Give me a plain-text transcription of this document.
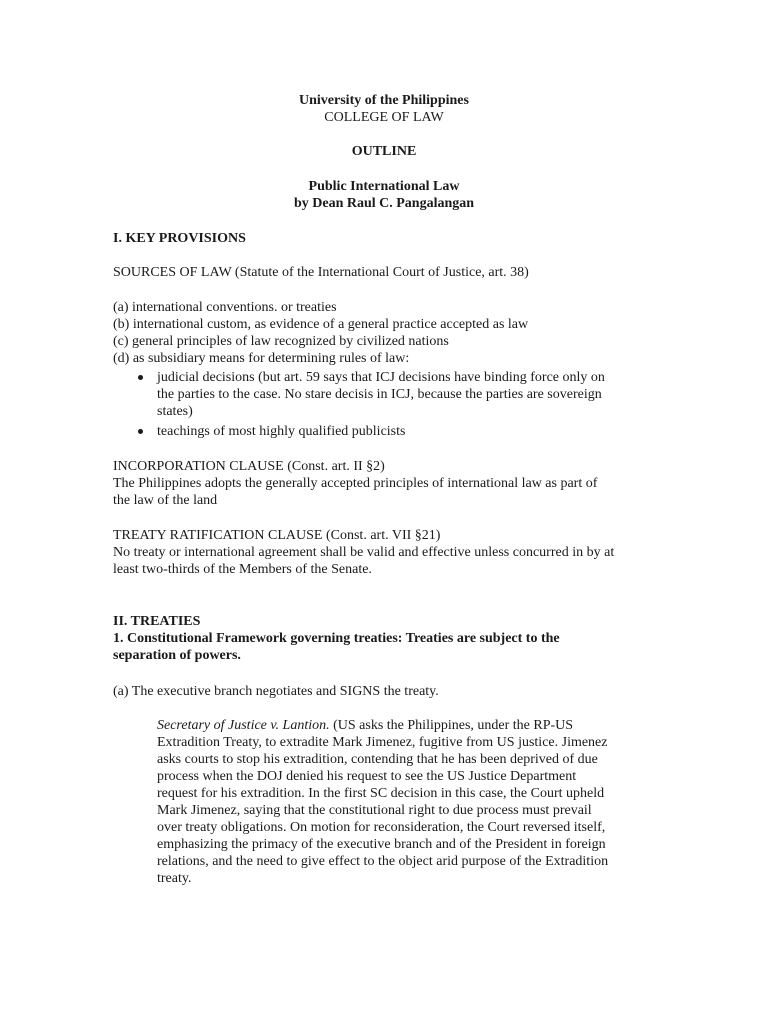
University of the Philippines
COLLEGE OF LAW
OUTLINE
Public International Law
by Dean Raul C. Pangalangan
I. KEY PROVISIONS
SOURCES OF LAW (Statute of the International Court of Justice, art. 38)
(a) international conventions. or treaties
(b) international custom, as evidence of a general practice accepted as law
(c) general principles of law recognized by civilized nations
(d) as subsidiary means for determining rules of law:
judicial decisions (but art. 59 says that ICJ decisions have binding force only on
the parties to the case. No stare decisis in ICJ, because the parties are sovereign
states)
teachings of most highly qualified publicists
INCORPORATION CLAUSE (Const. art. II §2)
The Philippines adopts the generally accepted principles of international law as part of
the law of the land
TREATY RATIFICATION CLAUSE (Const. art. VII §21)
No treaty or international agreement shall be valid and effective unless concurred in by at
least two-thirds of the Members of the Senate.
II. TREATIES
1. Constitutional Framework governing treaties: Treaties are subject to the
separation of powers.
(a) The executive branch negotiates and SIGNS the treaty.
Secretary of Justice v. Lantion. (US asks the Philippines, under the RP-US
Extradition Treaty, to extradite Mark Jimenez, fugitive from US justice. Jimenez
asks courts to stop his extradition, contending that he has been deprived of due
process when the DOJ denied his request to see the US Justice Department
request for his extradition. In the first SC decision in this case, the Court upheld
Mark Jimenez, saying that the constitutional right to due process must prevail
over treaty obligations. On motion for reconsideration, the Court reversed itself,
emphasizing the primacy of the executive branch and of the President in foreign
relations, and the need to give effect to the object arid purpose of the Extradition
treaty.
